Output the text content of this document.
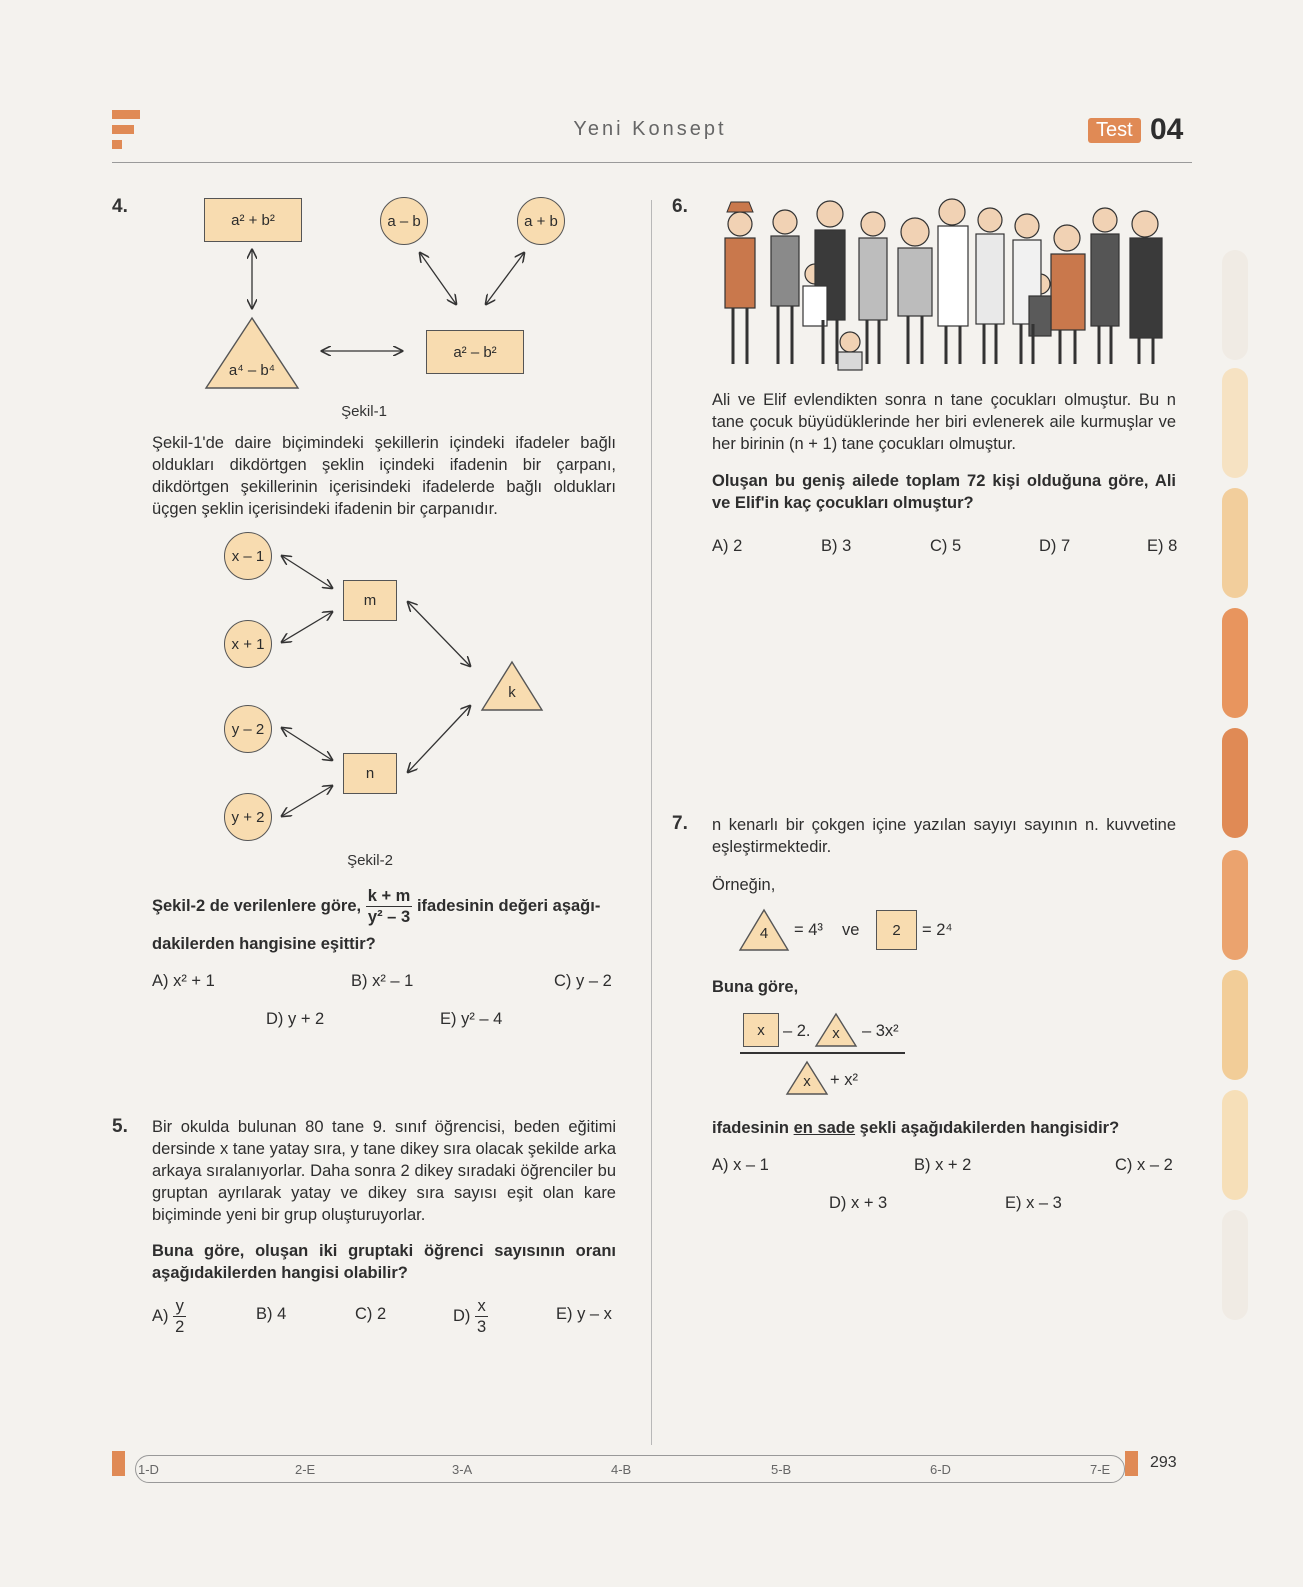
Yeni Konsept	Test 04
4.
a² + b²
a² – b²
a – b	a + b
a⁴ – b⁴
Şekil-1
Şekil-1'de daire biçimindeki şekillerin içindeki ifadeler bağlı oldukları dikdörtgen şeklin içindeki ifadenin bir çarpanı, dikdörtgen şekillerinin içerisindeki ifadelerde bağlı oldukları üçgen şeklin içerisindeki ifadenin bir çarpanıdır.
x – 1
x + 1
y – 2
y + 2
m
n
k
Şekil-2
Şekil-2 de verilenlere göre, $\frac{k + m}{\text{y² – 3}}$ ifadesinin değeri aşağı-
dakilerden hangisine eşittir?
A) x² + 1	B) x² – 1	C) y – 2
D) y + 2	E) y² – 4
5. Bir okulda bulunan 80 tane 9. sınıf öğrencisi, beden eğitimi dersinde x tane yatay sıra, y tane dikey sıra olacak şekilde arka arkaya sıralanıyorlar. Daha sonra 2 dikey sıradaki öğrenciler bu gruptan ayrılarak yatay ve dikey sıra sayısı eşit olan kare biçiminde yeni bir grup oluşturuyorlar.
Buna göre, oluşan iki gruptaki öğrenci sayısının oranı aşağıdakilerden hangisi olabilir?
$A) \frac{y}{2}$	B) 4	C) 2	$D) \frac{x}{3}$	E) y – x
6.
Ali ve Elif evlendikten sonra n tane çocukları olmuştur. Bu n tane çocuk büyüdüklerinde her biri evlenerek aile kurmuşlar ve her birinin (n + 1) tane çocukları olmuştur.
Oluşan bu geniş ailede toplam 72 kişi olduğuna göre, Ali ve Elif'in kaç çocukları olmuştur?
A) 2	B) 3	C) 5	D) 7	E) 8
7. n kenarlı bir çokgen içine yazılan sayıyı sayının n. kuvvetine eşleştirmektedir.
Örneğin,
4	= 4³ ve	2	= 2⁴
Buna göre,
x	– 2.	x	– 3x²
x	+ x²
ifadesinin en sade şekli aşağıdakilerden hangisidir?
A) x – 1	B) x + 2	C) x – 2
D) x + 3	E) x – 3
1-D	2-E	3-A	4-B	5-B	6-D	7-E 293
